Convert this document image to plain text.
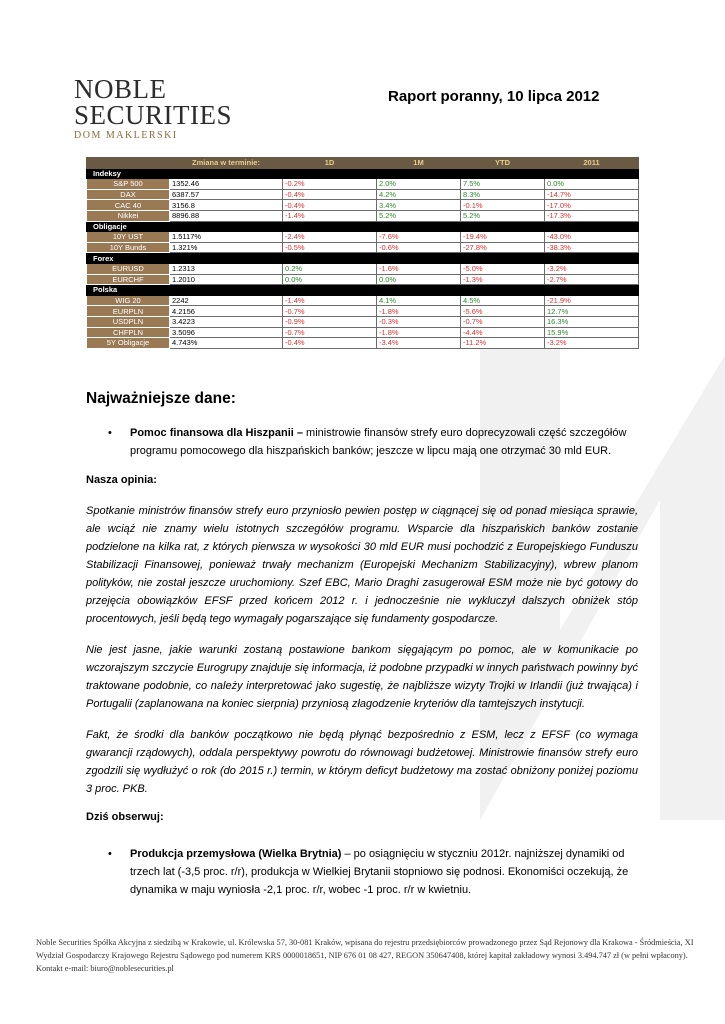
NOBLE
SECURITIES
DOM MAKLERSKI
Raport poranny, 10 lipca 2012
	Zmiana w terminie:	1D	1M	YTD	2011
Indeksy					
S&P 500	1352.46	-0.2%	2.0%	7.5%	0.0%
DAX	6387.57	-0.4%	4.2%	8.3%	-14.7%
CAC 40	3156.8	-0.4%	3.4%	-0.1%	-17.0%
Nikkei	8896.88	-1.4%	5.2%	5.2%	-17.3%
Obligacje					
10Y UST	1.5117%	-2.4%	-7.6%	-19.4%	-43.0%
10Y Bunds	1.321%	-0.5%	-0.6%	-27.8%	-38.3%
Forex					
EURUSD	1.2313	0.2%	-1.6%	-5.0%	-3.2%
EURCHF	1.2010	0.0%	0.0%	-1.3%	-2.7%
Polska					
WIG 20	2242	-1.4%	4.1%	4.5%	-21.9%
EURPLN	4.2156	-0.7%	-1.8%	-5.6%	12.7%
USDPLN	3.4223	-0.9%	-0.3%	-0.7%	16.3%
CHFPLN	3.5096	-0.7%	-1.8%	-4.4%	15.9%
5Y Obligacje	4.743%	-0.4%	-3.4%	-11.2%	-3.2%
Najważniejsze dane:
• Pomoc finansowa dla Hiszpanii – ministrowie finansów strefy euro doprecyzowali część szczegółów programu pomocowego dla hiszpańskich banków; jeszcze w lipcu mają one otrzymać 30 mld EUR.

Nasza opinia:

Spotkanie ministrów finansów strefy euro przyniosło pewien postęp w ciągnącej się od ponad miesiąca sprawie, ale wciąż nie znamy wielu istotnych szczegółów programu. Wsparcie dla hiszpańskich banków zostanie podzielone na kilka rat, z których pierwsza w wysokości 30 mld EUR musi pochodzić z Europejskiego Funduszu Stabilizacji Finansowej, ponieważ trwały mechanizm (Europejski Mechanizm Stabilizacyjny), wbrew planom polityków, nie został jeszcze uruchomiony. Szef EBC, Mario Draghi zasugerował ESM może nie być gotowy do przejęcia obowiązków EFSF przed końcem 2012 r. i jednocześnie nie wykluczył dalszych obniżek stóp procentowych, jeśli będą tego wymagały pogarszające się fundamenty gospodarcze.

Nie jest jasne, jakie warunki zostaną postawione bankom sięgającym po pomoc, ale w komunikacie po wczorajszym szczycie Eurogrupy znajduje się informacja, iż podobne przypadki w innych państwach powinny być traktowane podobnie, co należy interpretować jako sugestię, że najbliższe wizyty Trojki w Irlandii (już trwająca) i Portugalii (zaplanowana na koniec sierpnia) przyniosą złagodzenie kryteriów dla tamtejszych instytucji.

Fakt, że środki dla banków początkowo nie będą płynąć bezpośrednio z ESM, lecz z EFSF (co wymaga gwarancji rządowych), oddala perspektywy powrotu do równowagi budżetowej. Ministrowie finansów strefy euro zgodzili się wydłużyć o rok (do 2015 r.) termin, w którym deficyt budżetowy ma zostać obniżony poniżej poziomu 3 proc. PKB.

Dziś obserwuj:

• Produkcja przemysłowa (Wielka Brytnia) – po osiągnięciu w styczniu 2012r. najniższej dynamiki od trzech lat (-3,5 proc. r/r), produkcja w Wielkiej Brytanii stopniowo się podnosi. Ekonomiści oczekują, że dynamika w maju wyniosła -2,1 proc. r/r, wobec -1 proc. r/r w kwietniu.
Noble Securities Spółka Akcyjna z siedzibą w Krakowie, ul. Królewska 57, 30-081 Kraków, wpisana do rejestru przedsiębiorców prowadzonego przez Sąd Rejonowy dla Krakowa - Śródmieścia, XI Wydział Gospodarczy Krajowego Rejestru Sądowego pod numerem KRS 0000018651, NIP 676 01 08 427, REGON 350647408, której kapitał zakładowy wynosi 3.494.747 zł (w pełni wpłacony). Kontakt e-mail: biuro@noblesecurities.pl
